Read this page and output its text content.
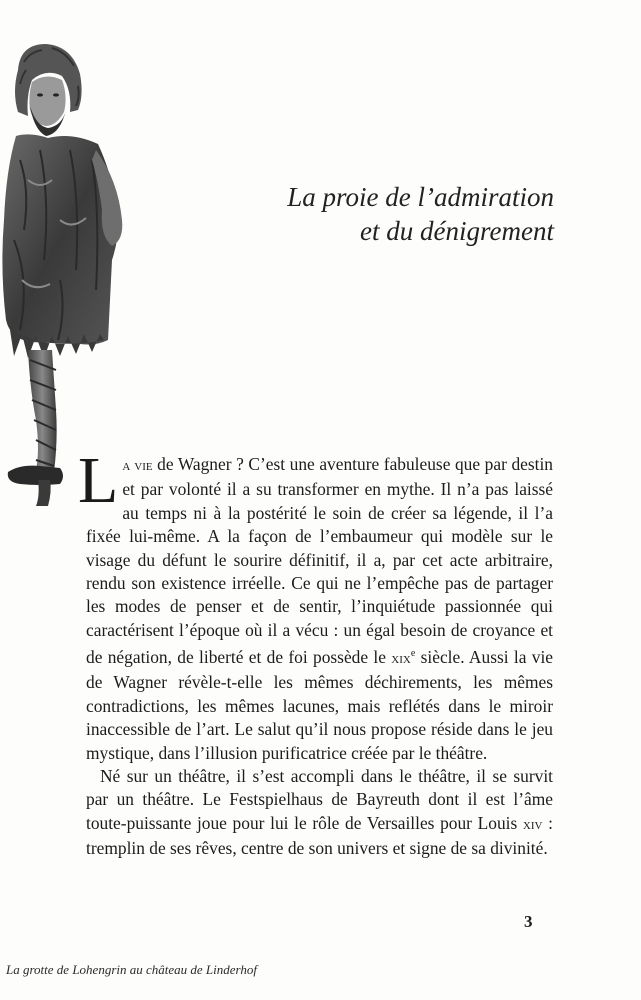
La proie de l’admiration
et du dénigrement

La vie de Wagner ? C’est une aventure fabuleuse que par destin et par volonté il a su transformer en mythe. Il n’a pas laissé au temps ni à la postérité le soin de créer sa légende, il l’a fixée lui-même. A la façon de l’embaumeur qui modèle sur le visage du défunt le sourire définitif, il a, par cet acte arbitraire, rendu son existence irréelle. Ce qui ne l’empêche pas de partager les modes de penser et de sentir, l’inquiétude passionnée qui caractérisent l’époque où il a vécu : un égal besoin de croyance et de négation, de liberté et de foi possède le xix$^e$ siècle. Aussi la vie de Wagner révèle-t-elle les mêmes déchirements, les mêmes contradictions, les mêmes lacunes, mais reflétés dans le miroir inaccessible de l’art. Le salut qu’il nous propose réside dans le jeu mystique, dans l’illusion purificatrice créée par le théâtre.

Né sur un théâtre, il s’est accompli dans le théâtre, il se survit par un théâtre. Le Festspielhaus de Bayreuth dont il est l’âme toute-puissante joue pour lui le rôle de Versailles pour Louis xiv : tremplin de ses rêves, centre de son univers et signe de sa divinité.

3
La grotte de Lohengrin au château de Linderhof
